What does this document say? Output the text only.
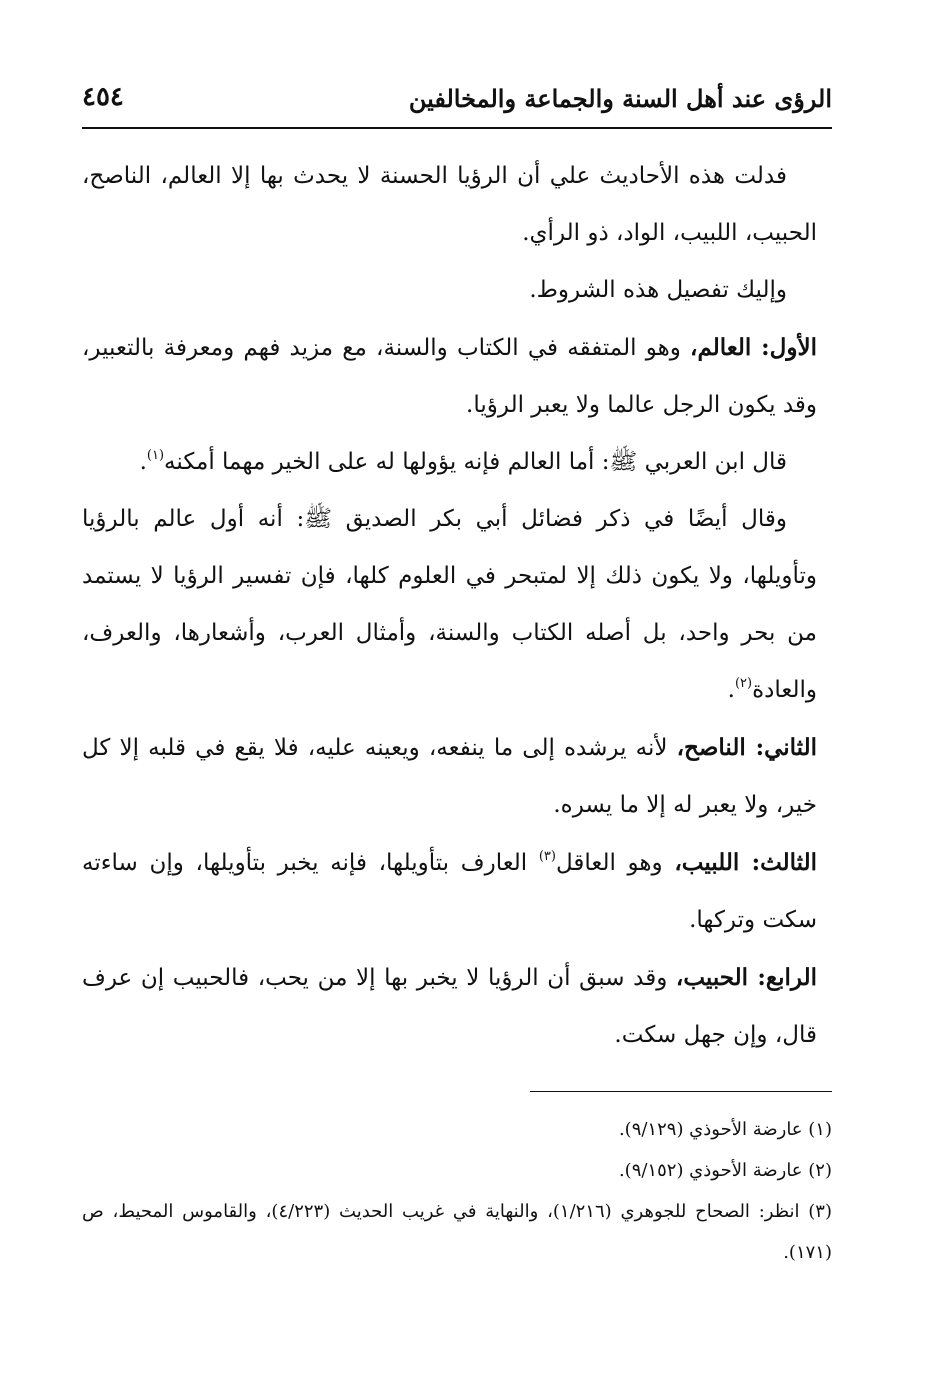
الرؤى عند أهل السنة والجماعة والمخالفين
٤٥٤

فدلت هذه الأحاديث علي أن الرؤيا الحسنة لا يحدث بها إلا العالم، الناصح، الحبيب، اللبيب، الواد، ذو الرأي.

وإليك تفصيل هذه الشروط.

الأول: العالم، وهو المتفقه في الكتاب والسنة، مع مزيد فهم ومعرفة بالتعبير، وقد يكون الرجل عالما ولا يعبر الرؤيا.

قال ابن العربي ﷺ: أما العالم فإنه يؤولها له على الخير مهما أمكنه$^{(١)}$.

وقال أيضًا في ذكر فضائل أبي بكر الصديق ﷺ: أنه أول عالم بالرؤيا وتأويلها، ولا يكون ذلك إلا لمتبحر في العلوم كلها، فإن تفسير الرؤيا لا يستمد من بحر واحد، بل أصله الكتاب والسنة، وأمثال العرب، وأشعارها، والعرف، والعادة$^{(٢)}$.

الثاني: الناصح، لأنه يرشده إلى ما ينفعه، ويعينه عليه، فلا يقع في قلبه إلا كل خير، ولا يعبر له إلا ما يسره.

الثالث: اللبيب، وهو العاقل$^{(٣)}$ العارف بتأويلها، فإنه يخبر بتأويلها، وإن ساءته سكت وتركها.

الرابع: الحبيب، وقد سبق أن الرؤيا لا يخبر بها إلا من يحب، فالحبيب إن عرف قال، وإن جهل سكت.

(١) عارضة الأحوذي (٩/١٢٩).

(٢) عارضة الأحوذي (٩/١٥٢).

(٣) انظر: الصحاح للجوهري (١/٢١٦)، والنهاية في غريب الحديث (٤/٢٢٣)، والقاموس المحيط، ص (١٧١).
